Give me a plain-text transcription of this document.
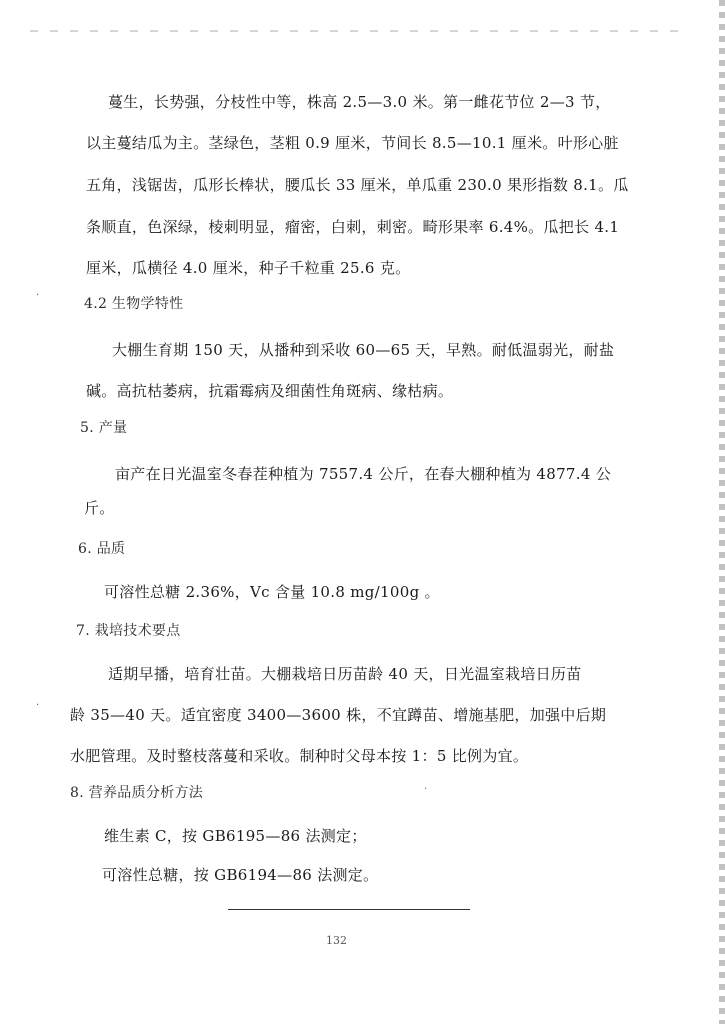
蔓生，长势强，分枝性中等，株高 2.5—3.0 米。第一雌花节位 2—3 节，
以主蔓结瓜为主。茎绿色，茎粗 0.9 厘米，节间长 8.5—10.1 厘米。叶形心脏
五角，浅锯齿，瓜形长棒状，腰瓜长 33 厘米，单瓜重 230.0 果形指数 8.1。瓜
条顺直，色深绿，棱刺明显，瘤密，白刺，刺密。畸形果率 6.4%。瓜把长 4.1
厘米，瓜横径 4.0 厘米，种子千粒重 25.6 克。
4.2 生物学特性
大棚生育期 150 天，从播种到采收 60—65 天，早熟。耐低温弱光，耐盐
碱。高抗枯萎病，抗霜霉病及细菌性角斑病、缘枯病。
5. 产量
亩产在日光温室冬春茬种植为 7557.4 公斤，在春大棚种植为 4877.4 公
斤。
6. 品质
可溶性总糖 2.36%，Vc 含量 10.8 mg/100g 。
7. 栽培技术要点
适期早播，培育壮苗。大棚栽培日历苗龄 40 天，日光温室栽培日历苗
龄 35—40 天。适宜密度 3400—3600 株，不宜蹲苗、增施基肥，加强中后期
水肥管理。及时整枝落蔓和采收。制种时父母本按 1：5 比例为宜。
8. 营养品质分析方法
维生素 C，按 GB6195—86 法测定；
可溶性总糖，按 GB6194—86 法测定。
132
·
·
·
